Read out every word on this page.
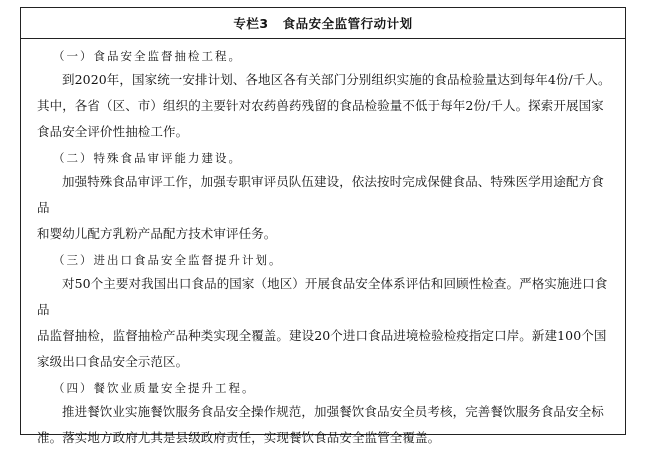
专栏3 食品安全监管行动计划
（一）食品安全监督抽检工程。

到2020年，国家统一安排计划、各地区各有关部门分别组织实施的食品检验量达到每年4份/千人。
其中，各省（区、市）组织的主要针对农药兽药残留的食品检验量不低于每年2份/千人。探索开展国家
食品安全评价性抽检工作。

（二）特殊食品审评能力建设。

加强特殊食品审评工作，加强专职审评员队伍建设，依法按时完成保健食品、特殊医学用途配方食品
和婴幼儿配方乳粉产品配方技术审评任务。

（三）进出口食品安全监督提升计划。

对50个主要对我国出口食品的国家（地区）开展食品安全体系评估和回顾性检查。严格实施进口食品
品监督抽检，监督抽检产品种类实现全覆盖。建设20个进口食品进境检验检疫指定口岸。新建100个国
家级出口食品安全示范区。

（四）餐饮业质量安全提升工程。

推进餐饮业实施餐饮服务食品安全操作规范，加强餐饮食品安全员考核，完善餐饮服务食品安全标
准。落实地方政府尤其是县级政府责任，实现餐饮食品安全监管全覆盖。
